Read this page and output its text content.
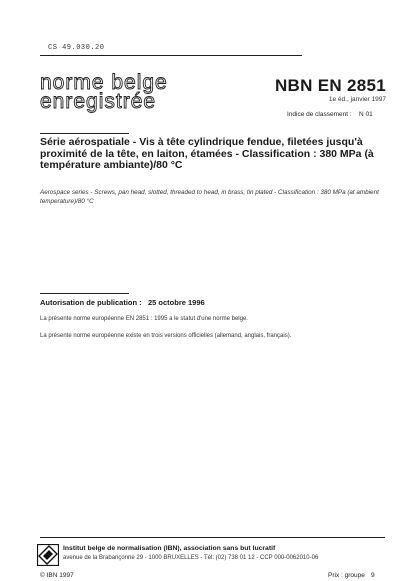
CS 49.030.20
norme belge
enregistrée
NBN EN 2851
1e éd., janvier 1997
Indice de classement : N 01
Série aérospatiale - Vis à tête cylindrique fendue, filetées jusqu'à proximité de la tête, en laiton, étamées - Classification : 380 MPa (à température ambiante)/80 °C
Aerospace series - Screws, pan head, slotted, threaded to head, in brass, tin plated - Classification : 380 MPa (at ambient temperature)/80 °C
Autorisation de publication : 25 octobre 1996
La présente norme européenne EN 2851 : 1995 a le statut d'une norme belge.
La présente norme européenne existe en trois versions officielles (allemand, anglais, français).
Institut belge de normalisation (IBN), association sans but lucratif
avenue de la Brabançonne 29 - 1000 BRUXELLES - Tél: (02) 738 01 12 - CCP 000-0062010-06
© IBN 1997	Prix : groupe 9
